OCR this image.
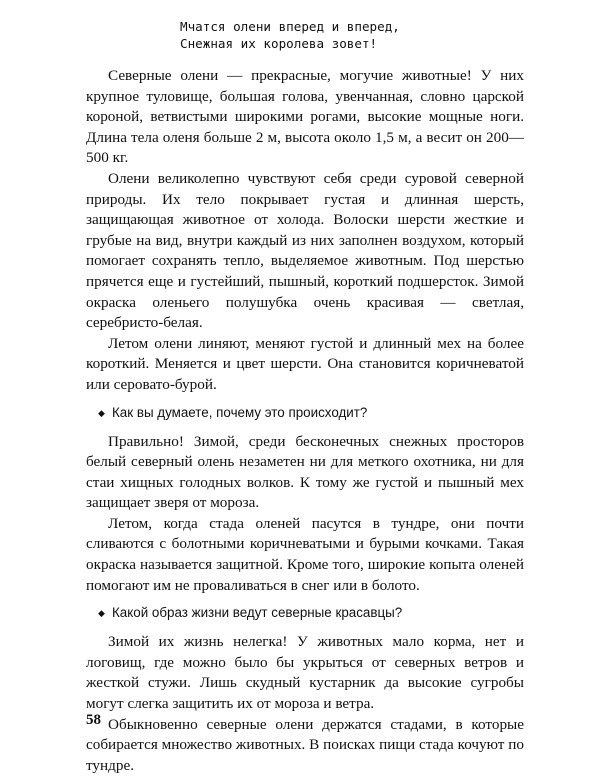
Мчатся олени вперед и вперед,
Снежная их королева зовет!

Северные олени — прекрасные, могучие животные! У них крупное туловище, большая голова, увенчанная, словно царской короной, ветвистыми широкими рогами, высокие мощные ноги. Длина тела оленя больше 2 м, высота около 1,5 м, а весит он 200—500 кг.

Олени великолепно чувствуют себя среди суровой северной природы. Их тело покрывает густая и длинная шерсть, защищающая животное от холода. Волоски шерсти жесткие и грубые на вид, внутри каждый из них заполнен воздухом, который помогает сохранять тепло, выделяемое животным. Под шерстью прячется еще и густейший, пышный, короткий подшерсток. Зимой окраска оленьего полушубка очень красивая — светлая, серебристо-белая.

Летом олени линяют, меняют густой и длинный мех на более короткий. Меняется и цвет шерсти. Она становится коричневатой или серовато-бурой.

◆ Как вы думаете, почему это происходит?

Правильно! Зимой, среди бесконечных снежных просторов белый северный олень незаметен ни для меткого охотника, ни для стаи хищных голодных волков. К тому же густой и пышный мех защищает зверя от мороза.

Летом, когда стада оленей пасутся в тундре, они почти сливаются с болотными коричневатыми и бурыми кочками. Такая окраска называется защитной. Кроме того, широкие копыта оленей помогают им не проваливаться в снег или в болото.

◆ Какой образ жизни ведут северные красавцы?

Зимой их жизнь нелегка! У животных мало корма, нет и логовищ, где можно было бы укрыться от северных ветров и жесткой стужи. Лишь скудный кустарник да высокие сугробы могут слегка защитить их от мороза и ветра.

Обыкновенно северные олени держатся стадами, в которые собирается множество животных. В поисках пищи стада кочуют по тундре.

58
